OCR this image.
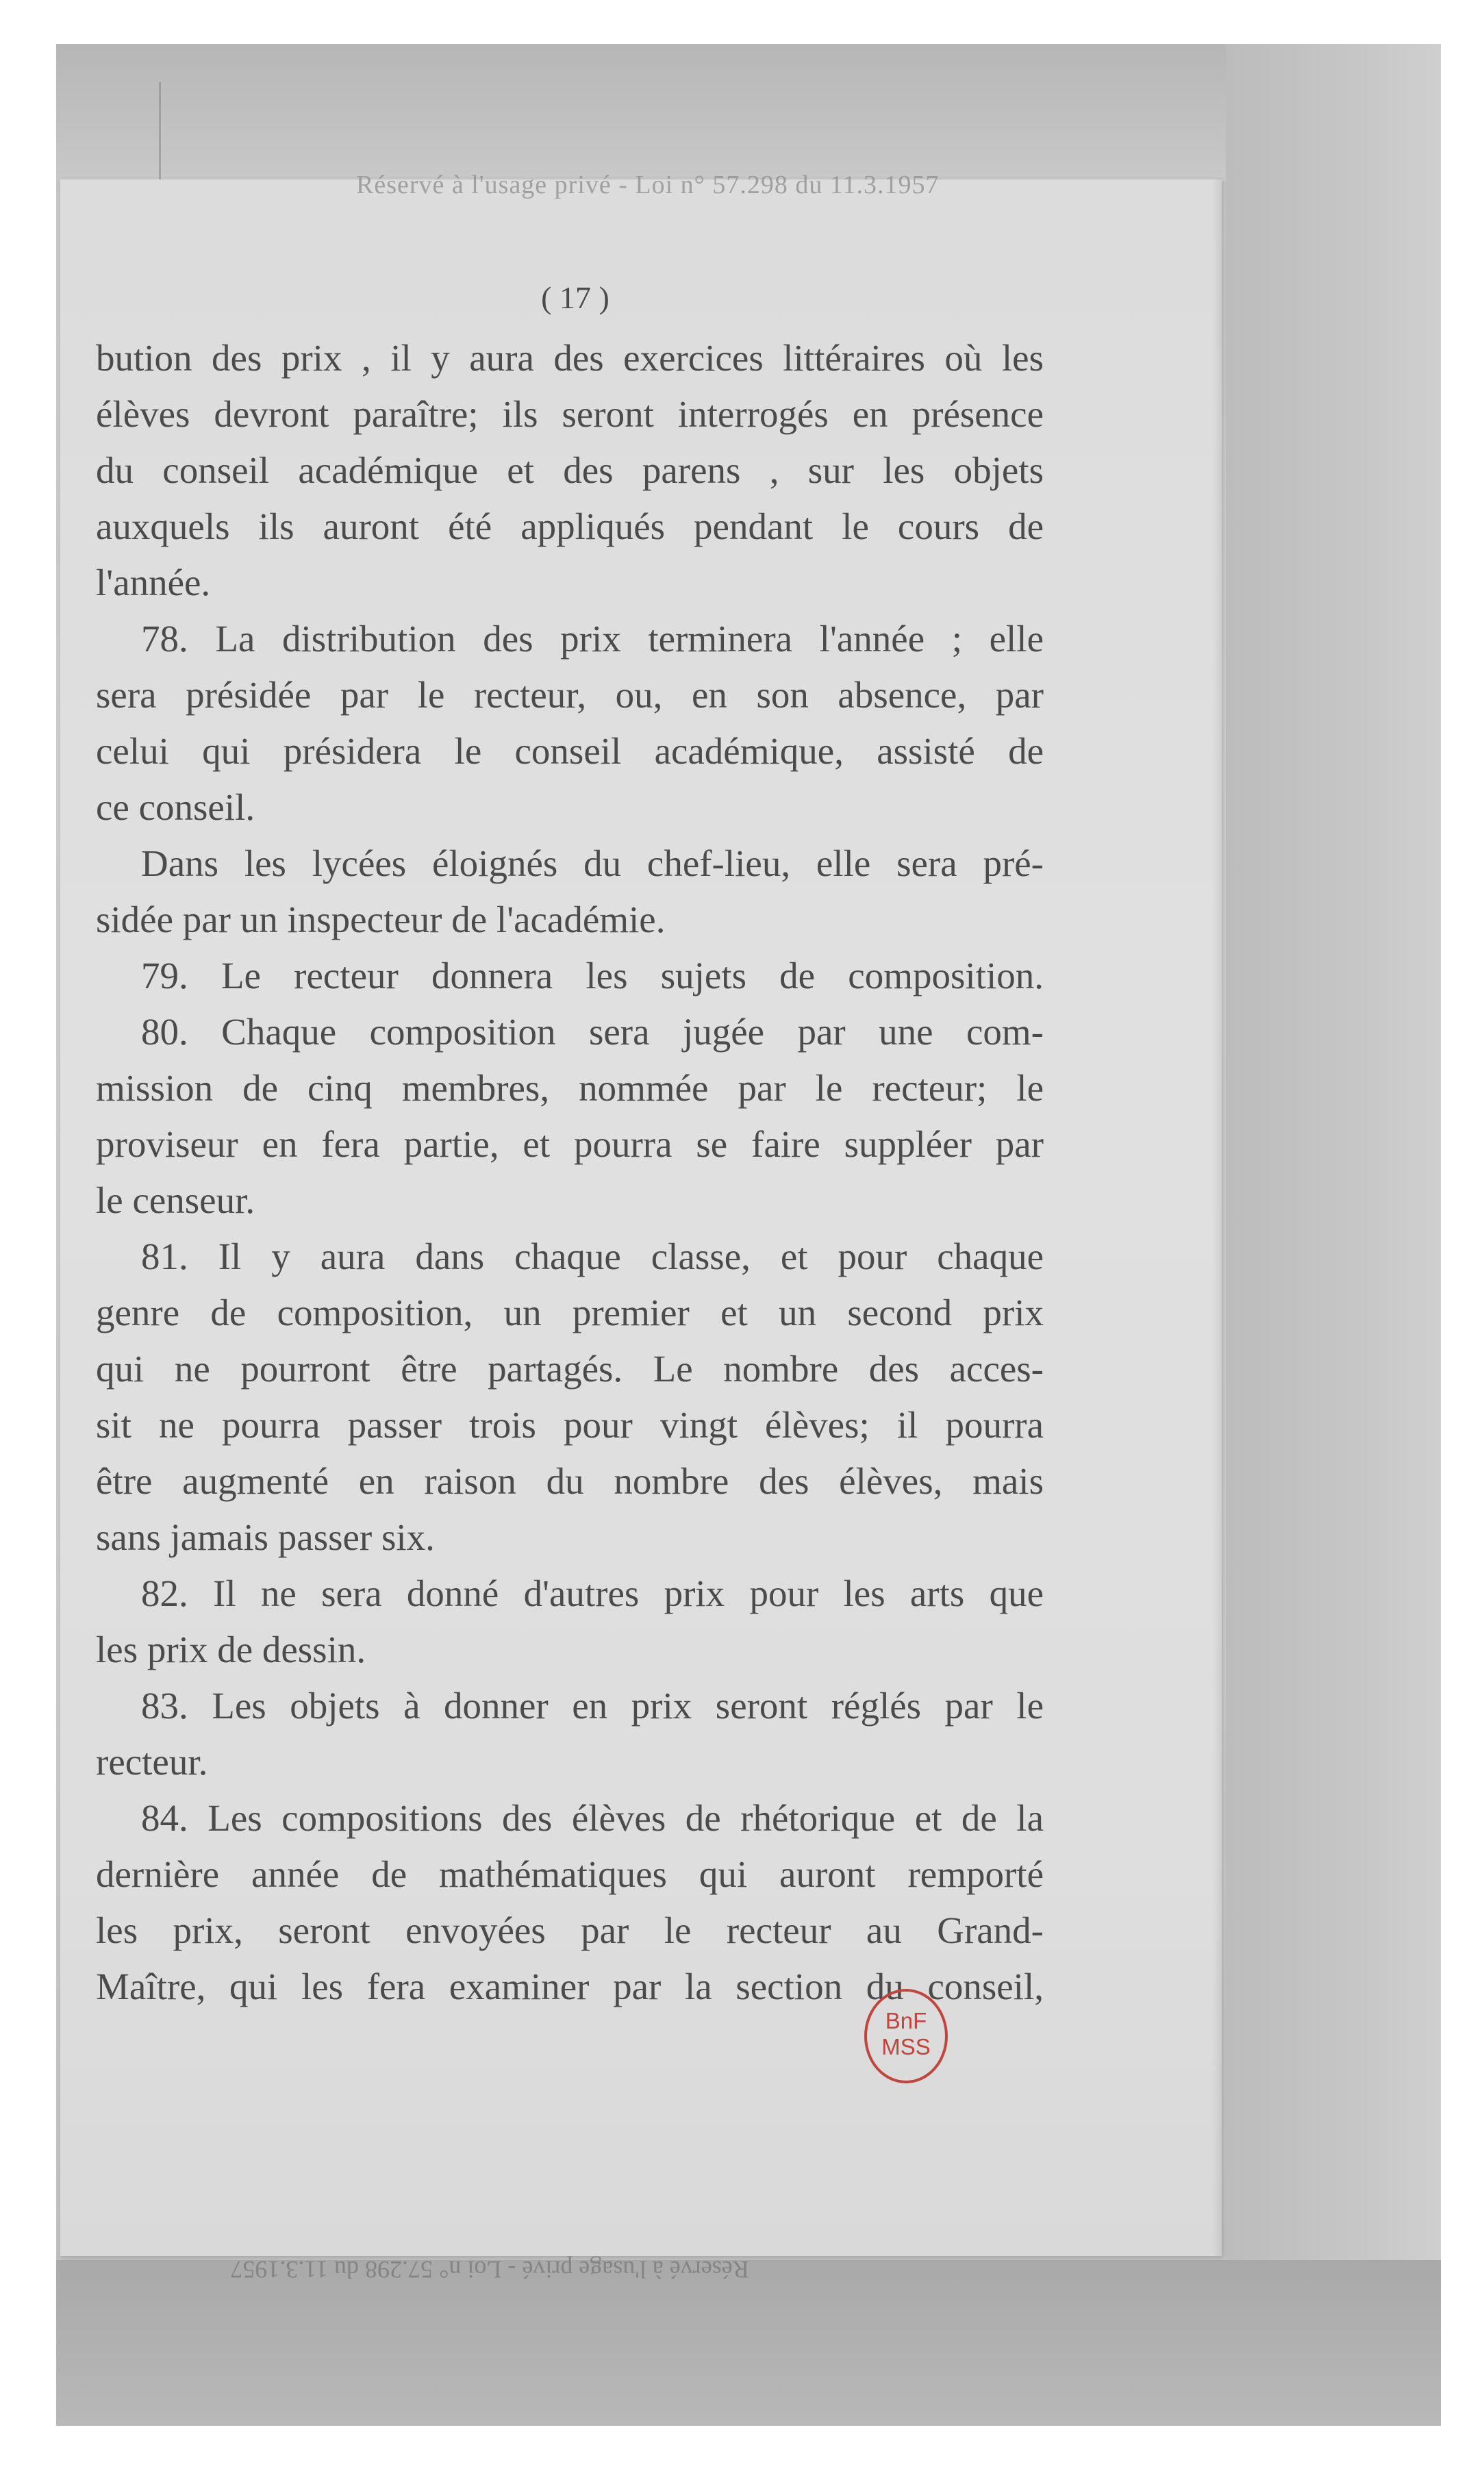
Réservé à l'usage privé - Loi n° 57.298 du 11.3.1957
( 17 )
bution des prix , il y aura des exercices littéraires où les
élèves devront paraître; ils seront interrogés en présence
du conseil académique et des parens , sur les objets
auxquels ils auront été appliqués pendant le cours de
l'année.
78. La distribution des prix terminera l'année ; elle
sera présidée par le recteur, ou, en son absence, par
celui qui présidera le conseil académique, assisté de
ce conseil.
Dans les lycées éloignés du chef-lieu, elle sera pré-
sidée par un inspecteur de l'académie.
79. Le recteur donnera les sujets de composition.
80. Chaque composition sera jugée par une com-
mission de cinq membres, nommée par le recteur; le
proviseur en fera partie, et pourra se faire suppléer par
le censeur.
81. Il y aura dans chaque classe, et pour chaque
genre de composition, un premier et un second prix
qui ne pourront être partagés. Le nombre des acces-
sit ne pourra passer trois pour vingt élèves; il pourra
être augmenté en raison du nombre des élèves, mais
sans jamais passer six.
82. Il ne sera donné d'autres prix pour les arts que
les prix de dessin.
83. Les objets à donner en prix seront réglés par le
recteur.
84. Les compositions des élèves de rhétorique et de la
dernière année de mathématiques qui auront remporté
les prix, seront envoyées par le recteur au Grand-
Maître, qui les fera examiner par la section du conseil,
BnF
MSS
Réservé à l'usage privé - Loi n° 57.298 du 11.3.1957
